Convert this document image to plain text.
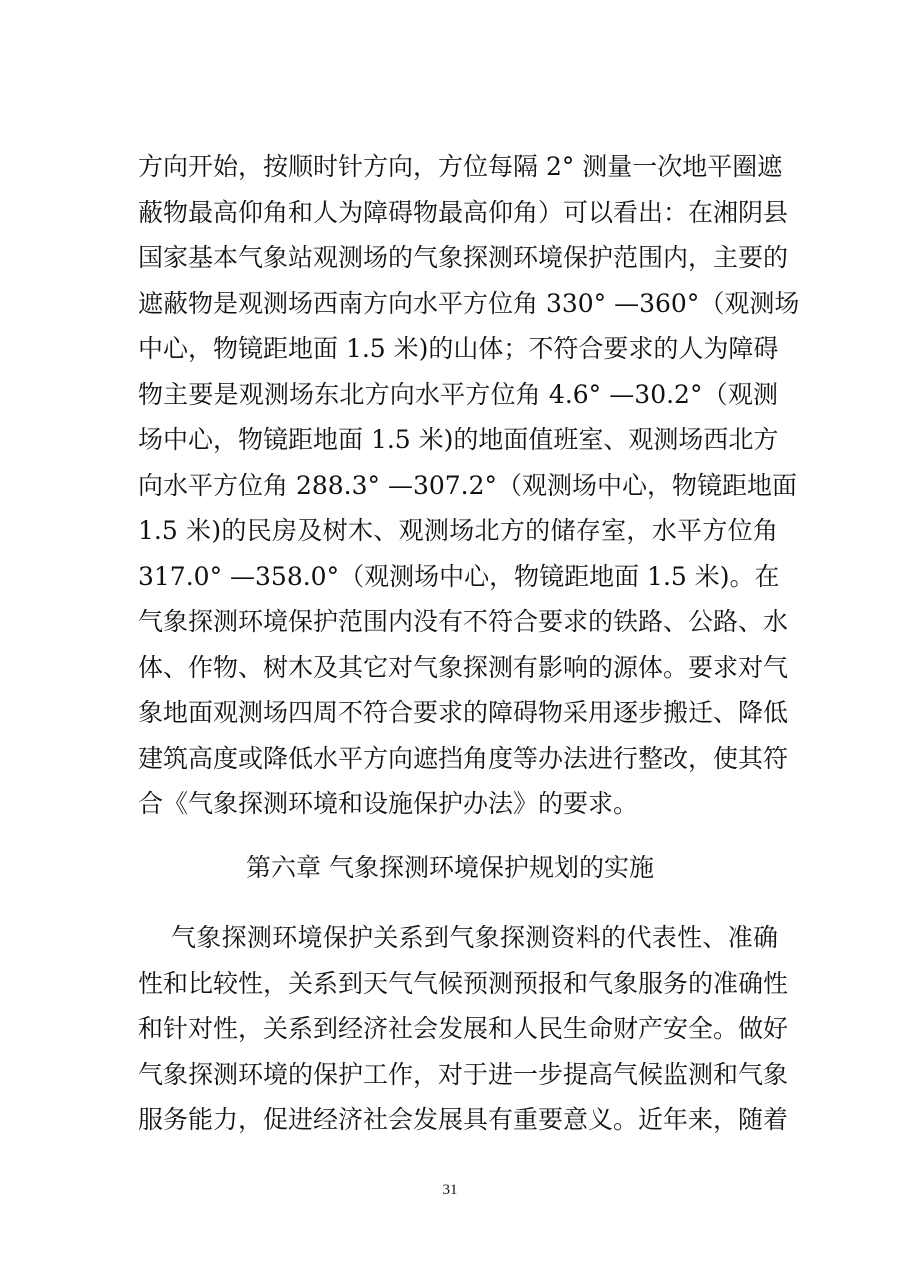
方向开始，按顺时针方向，方位每隔 2° 测量一次地平圈遮
蔽物最高仰角和人为障碍物最高仰角）可以看出：在湘阴县
国家基本气象站观测场的气象探测环境保护范围内，主要的
遮蔽物是观测场西南方向水平方位角 330° —360°（观测场
中心，物镜距地面 1.5 米)的山体；不符合要求的人为障碍
物主要是观测场东北方向水平方位角 4.6° —30.2°（观测
场中心，物镜距地面 1.5 米)的地面值班室、观测场西北方
向水平方位角 288.3° —307.2°（观测场中心，物镜距地面
1.5 米)的民房及树木、观测场北方的储存室，水平方位角
317.0° —358.0°（观测场中心，物镜距地面 1.5 米)。在
气象探测环境保护范围内没有不符合要求的铁路、公路、水
体、作物、树木及其它对气象探测有影响的源体。要求对气
象地面观测场四周不符合要求的障碍物采用逐步搬迁、降低
建筑高度或降低水平方向遮挡角度等办法进行整改，使其符
合《气象探测环境和设施保护办法》的要求。
第六章 气象探测环境保护规划的实施
气象探测环境保护关系到气象探测资料的代表性、准确
性和比较性，关系到天气气候预测预报和气象服务的准确性
和针对性，关系到经济社会发展和人民生命财产安全。做好
气象探测环境的保护工作，对于进一步提高气候监测和气象
服务能力，促进经济社会发展具有重要意义。近年来，随着
31
